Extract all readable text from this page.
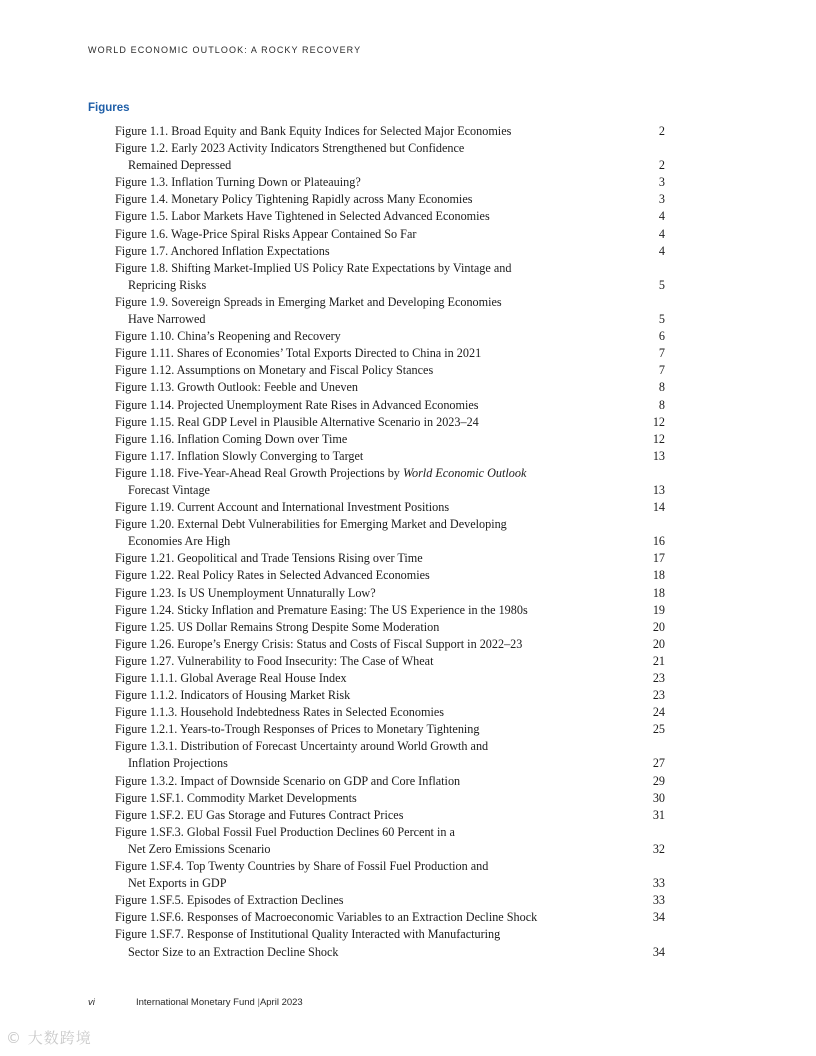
WORLD ECONOMIC OUTLOOK: A ROCKY RECOVERY
Figures
Figure 1.1. Broad Equity and Bank Equity Indices for Selected Major Economies	2
Figure 1.2. Early 2023 Activity Indicators Strengthened but Confidence
Remained Depressed	2
Figure 1.3. Inflation Turning Down or Plateauing?	3
Figure 1.4. Monetary Policy Tightening Rapidly across Many Economies	3
Figure 1.5. Labor Markets Have Tightened in Selected Advanced Economies	4
Figure 1.6. Wage-Price Spiral Risks Appear Contained So Far	4
Figure 1.7. Anchored Inflation Expectations	4
Figure 1.8. Shifting Market-Implied US Policy Rate Expectations by Vintage and
Repricing Risks	5
Figure 1.9. Sovereign Spreads in Emerging Market and Developing Economies
Have Narrowed	5
Figure 1.10. China’s Reopening and Recovery	6
Figure 1.11. Shares of Economies’ Total Exports Directed to China in 2021	7
Figure 1.12. Assumptions on Monetary and Fiscal Policy Stances	7
Figure 1.13. Growth Outlook: Feeble and Uneven	8
Figure 1.14. Projected Unemployment Rate Rises in Advanced Economies	8
Figure 1.15. Real GDP Level in Plausible Alternative Scenario in 2023–24	12
Figure 1.16. Inflation Coming Down over Time	12
Figure 1.17. Inflation Slowly Converging to Target	13
Figure 1.18. Five-Year-Ahead Real Growth Projections by World Economic Outlook
Forecast Vintage	13
Figure 1.19. Current Account and International Investment Positions	14
Figure 1.20. External Debt Vulnerabilities for Emerging Market and Developing
Economies Are High	16
Figure 1.21. Geopolitical and Trade Tensions Rising over Time	17
Figure 1.22. Real Policy Rates in Selected Advanced Economies	18
Figure 1.23. Is US Unemployment Unnaturally Low?	18
Figure 1.24. Sticky Inflation and Premature Easing: The US Experience in the 1980s	19
Figure 1.25. US Dollar Remains Strong Despite Some Moderation	20
Figure 1.26. Europe’s Energy Crisis: Status and Costs of Fiscal Support in 2022–23	20
Figure 1.27. Vulnerability to Food Insecurity: The Case of Wheat	21
Figure 1.1.1. Global Average Real House Index	23
Figure 1.1.2. Indicators of Housing Market Risk	23
Figure 1.1.3. Household Indebtedness Rates in Selected Economies	24
Figure 1.2.1. Years-to-Trough Responses of Prices to Monetary Tightening	25
Figure 1.3.1. Distribution of Forecast Uncertainty around World Growth and
Inflation Projections	27
Figure 1.3.2. Impact of Downside Scenario on GDP and Core Inflation	29
Figure 1.SF.1. Commodity Market Developments	30
Figure 1.SF.2. EU Gas Storage and Futures Contract Prices	31
Figure 1.SF.3. Global Fossil Fuel Production Declines 60 Percent in a
Net Zero Emissions Scenario	32
Figure 1.SF.4. Top Twenty Countries by Share of Fossil Fuel Production and
Net Exports in GDP	33
Figure 1.SF.5. Episodes of Extraction Declines	33
Figure 1.SF.6. Responses of Macroeconomic Variables to an Extraction Decline Shock	34
Figure 1.SF.7. Response of Institutional Quality Interacted with Manufacturing
Sector Size to an Extraction Decline Shock	34
vi	International Monetary Fund |April 2023
© 大数跨境
